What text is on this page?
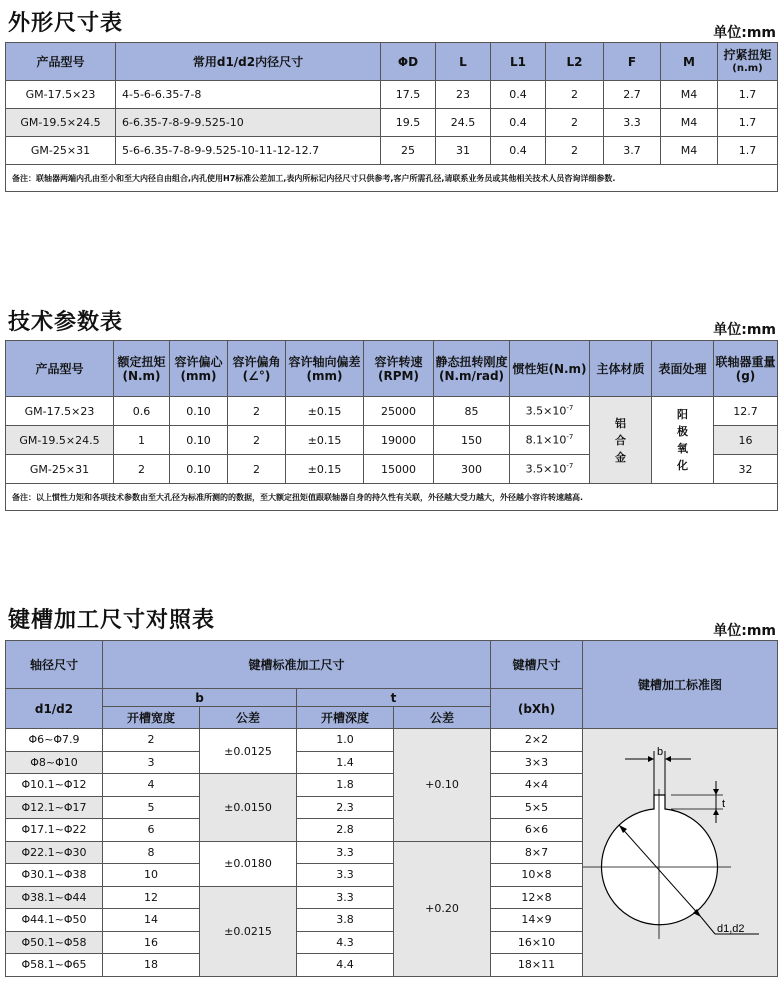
外形尺寸表	单位:mm
产品型号	常用d1/d2内径尺寸	ΦD	L	L1	L2	F	M	拧紧扭矩
(n.m)

GM-17.5×23	4-5-6-6.35-7-8	17.5	23	0.4	2	2.7	M4	1.7
GM-19.5×24.5	6-6.35-7-8-9-9.525-10	19.5	24.5	0.4	2	3.3	M4	1.7
GM-25×31	5-6-6.35-7-8-9-9.525-10-11-12-12.7	25	31	0.4	2	3.7	M4	1.7
备注：联轴器两端内孔由至小和至大内径自由组合,内孔使用H7标准公差加工,表内所标记内径尺寸只供参考,客户所需孔径,请联系业务员或其他相关技术人员咨询详细参数.								
技术参数表	单位:mm
产品型号	额定扭矩(N.m)	容许偏心(mm)	容许偏角(∠°)	容许轴向偏差(mm)	容许转速(RPM)	静态扭转刚度(N.m/rad)	惯性矩(N.m)	主体材质	表面处理	联轴器重量(g)
GM-17.5×23	0.6	0.10	2	±0.15	25000	85	$3.5\times 10^{-7}$	铝合金	阳极氧化	12.7
GM-19.5×24.5	1	0.10	2	±0.15	19000	150	$8.1\times 10^{-7}$			16
GM-25×31	2	0.10	2	±0.15	15000	300	$3.5\times 10^{-7}$			32
备注：以上惯性力矩和各项技术参数由至大孔径为标准所测的的数据，至大额定扭矩值跟联轴器自身的持久性有关联，外径越大受力越大，外径越小容许转速越高.										
键槽加工尺寸对照表	单位:mm
轴径尺寸	键槽标准加工尺寸				键槽尺寸	键槽加工标准图
d1/d2	b		t		(bXh)	
	开槽宽度	公差	开槽深度	公差		
Φ6~Φ7.9	2	±0.0125	1.0	+0.10	2×2	b
t
d1,d2

Φ8~Φ10	3		1.4		3×3	
Φ10.1~Φ12	4	±0.0150	1.8		4×4	
Φ12.1~Φ17	5		2.3		5×5	
Φ17.1~Φ22	6		2.8		6×6	
Φ22.1~Φ30	8	±0.0180	3.3	+0.20	8×7	
Φ30.1~Φ38	10		3.3		10×8	
Φ38.1~Φ44	12	±0.0215	3.3		12×8	
Φ44.1~Φ50	14		3.8		14×9	
Φ50.1~Φ58	16		4.3		16×10	
Φ58.1~Φ65	18		4.4		18×11	
